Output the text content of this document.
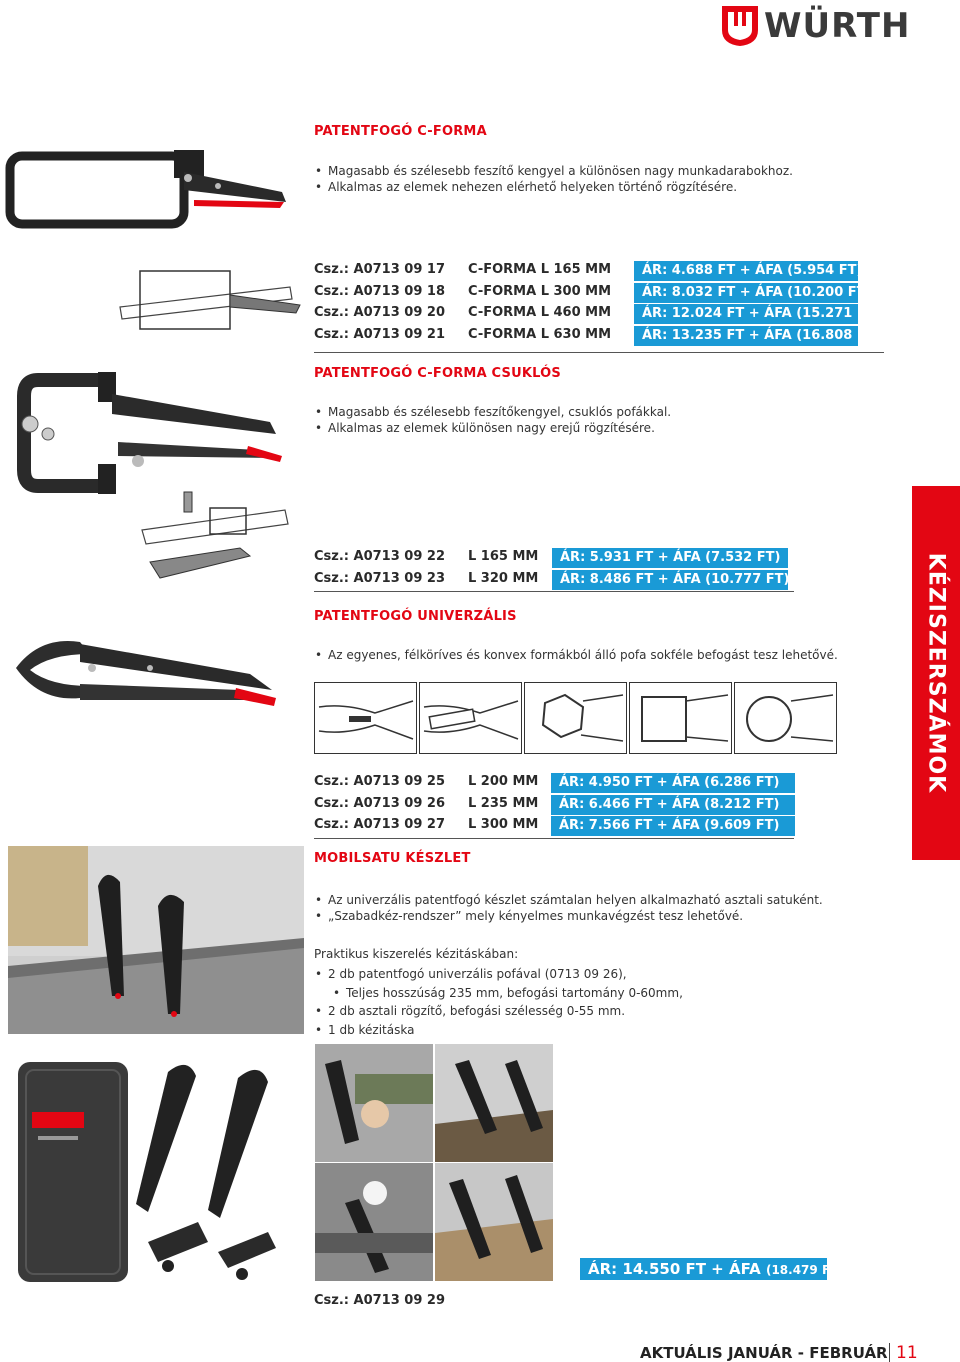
WÜRTH
PATENTFOGÓ C-FORMA
• Magasabb és szélesebb feszítő kengyel a különösen nagy munkadarabokhoz.
• Alkalmas az elemek nehezen elérhető helyeken történő rögzítésére.
Csz.: A0713 09 17 C-FORMA L 165 MM
Csz.: A0713 09 18 C-FORMA L 300 MM
Csz.: A0713 09 20 C-FORMA L 460 MM
Csz.: A0713 09 21 C-FORMA L 630 MM
ÁR: 4.688 FT + ÁFA (5.954 FT)
ÁR: 8.032 FT + ÁFA (10.200 FT)
ÁR: 12.024 FT + ÁFA (15.271 FT)
ÁR: 13.235 FT + ÁFA (16.808 FT)
PATENTFOGÓ C-FORMA CSUKLÓS
• Magasabb és szélesebb feszítőkengyel, csuklós pofákkal.
• Alkalmas az elemek különösen nagy erejű rögzítésére.
Csz.: A0713 09 22 L 165 MM
Csz.: A0713 09 23 L 320 MM
ÁR: 5.931 FT + ÁFA (7.532 FT)
ÁR: 8.486 FT + ÁFA (10.777 FT)
PATENTFOGÓ UNIVERZÁLIS
• Az egyenes, félköríves és konvex formákból álló pofa sokféle befogást tesz lehetővé.
Csz.: A0713 09 25 L 200 MM
Csz.: A0713 09 26 L 235 MM
Csz.: A0713 09 27 L 300 MM
ÁR: 4.950 FT + ÁFA (6.286 FT)
ÁR: 6.466 FT + ÁFA (8.212 FT)
ÁR: 7.566 FT + ÁFA (9.609 FT)
MOBILSATU KÉSZLET
• Az univerzális patentfogó készlet számtalan helyen alkalmazható asztali satuként.
• „Szabadkéz-rendszer” mely kényelmes munkavégzést tesz lehetővé.
Praktikus kiszerelés kézitáskában:
• 2 db patentfogó univerzális pofával (0713 09 26),
• Teljes hosszúság 235 mm, befogási tartomány 0-60mm,
• 2 db asztali rögzítő, befogási szélesség 0-55 mm.
• 1 db kézitáska
ÁR: 14.550 FT + ÁFA (18.479 FT)
Csz.: A0713 09 29
KÉZISZERSZÁMOK
AKTUÁLIS JANUÁR - FEBRUÁR 11
